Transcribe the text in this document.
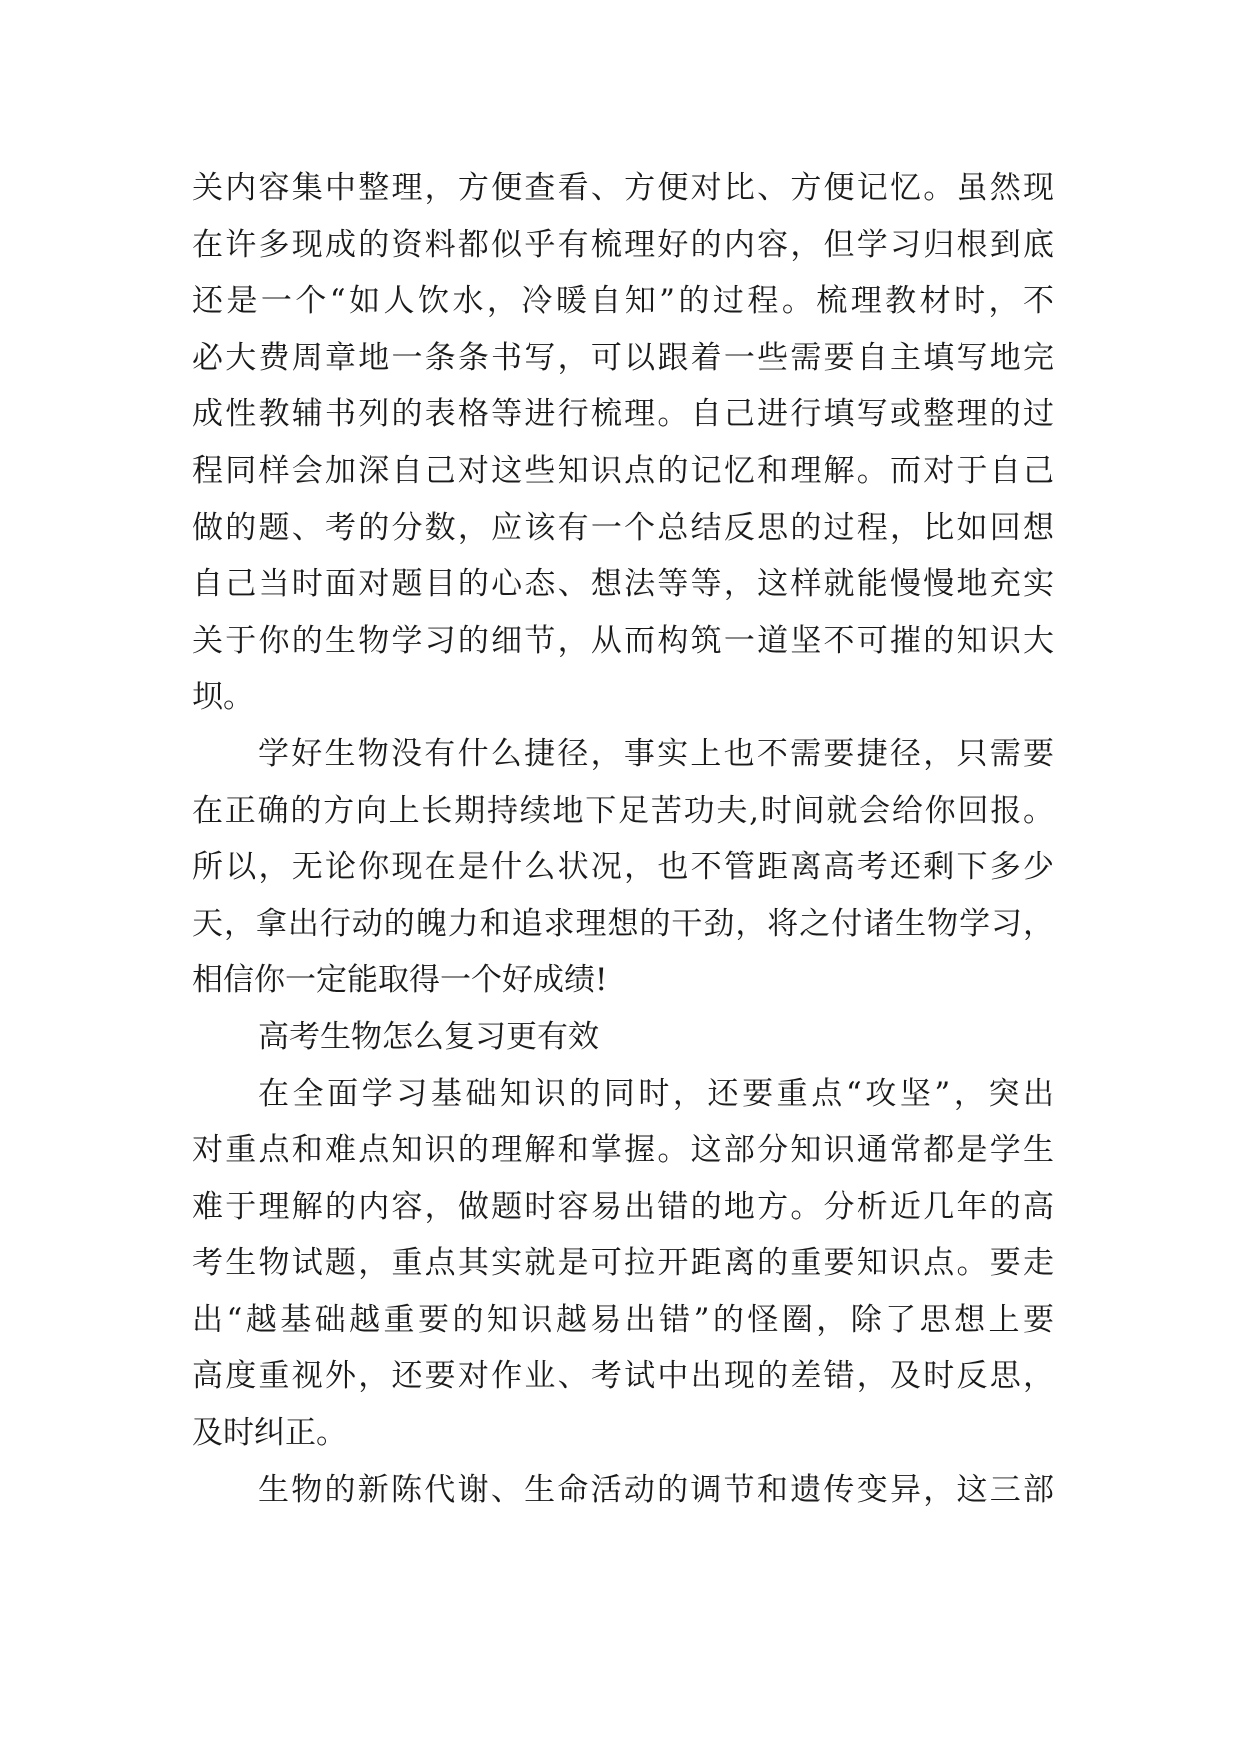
关内容集中整理，方便查看、方便对比、方便记忆。虽然现
在许多现成的资料都似乎有梳理好的内容，但学习归根到底
还是一个“如人饮水，冷暖自知”的过程。梳理教材时，不
必大费周章地一条条书写，可以跟着一些需要自主填写地完
成性教辅书列的表格等进行梳理。自己进行填写或整理的过
程同样会加深自己对这些知识点的记忆和理解。而对于自己
做的题、考的分数，应该有一个总结反思的过程，比如回想
自己当时面对题目的心态、想法等等，这样就能慢慢地充实
关于你的生物学习的细节，从而构筑一道坚不可摧的知识大
坝。
学好生物没有什么捷径，事实上也不需要捷径，只需要
在正确的方向上长期持续地下足苦功夫,时间就会给你回报。
所以，无论你现在是什么状况，也不管距离高考还剩下多少
天，拿出行动的魄力和追求理想的干劲，将之付诸生物学习，
相信你一定能取得一个好成绩!
高考生物怎么复习更有效
在全面学习基础知识的同时，还要重点“攻坚”，突出
对重点和难点知识的理解和掌握。这部分知识通常都是学生
难于理解的内容，做题时容易出错的地方。分析近几年的高
考生物试题，重点其实就是可拉开距离的重要知识点。要走
出“越基础越重要的知识越易出错”的怪圈，除了思想上要
高度重视外，还要对作业、考试中出现的差错，及时反思，
及时纠正。
生物的新陈代谢、生命活动的调节和遗传变异，这三部
